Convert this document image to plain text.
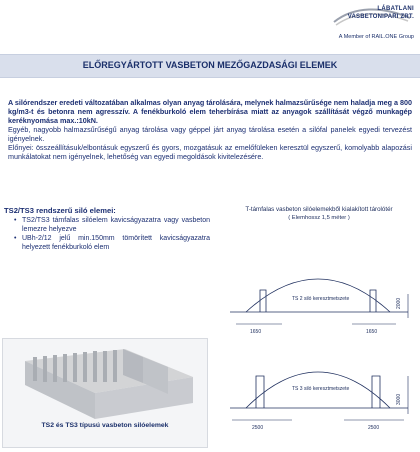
LÁBATLANI
VASBETONIPARI ZRT.
A Member of RAIL.ONE Group
ELŐREGYÁRTOTT VASBETON MEZŐGAZDASÁGI ELEMEK

A silórendszer eredeti változatában alkalmas olyan anyag tárolására, melynek halmazsűrűsége nem haladja meg a 800 kg/m3-t és betonra nem agresszív. A fenékburkoló elem teherbírása miatt az anyagok szállítását végző munkagép keréknyomása max.:10kN.

Egyéb, nagyobb halmazsűrűségű anyag tárolása vagy géppel járt anyag tárolása esetén a silófal panelek egyedi tervezést igényelnek.

Előnyei: összeállításuk/elbontásuk egyszerű és gyors, mozgatásuk az emelőfüleken keresztül egyszerű, komolyabb alapozási munkálatokat nem igényelnek, lehetőség van egyedi megoldások kivitelezésére.

TS2/TS3 rendszerű siló elemei:
• TS2/TS3 támfalas silóelem kavicságyazatra vagy vasbeton lemezre helyezve
• UBh-2/12 jelű min.150mm tömörített kavicságyazatra helyezett fenékburkoló elem
TS2 és TS3 típusú vasbeton silóelemek
T-támfalas vasbeton silóelemekből kialakított tárolótér
( Elemhossz 1,5 méter )
TS 2 siló keresztmetszete
1650	1650
2000
TS 3 siló keresztmetszete
2500	2500
3000
